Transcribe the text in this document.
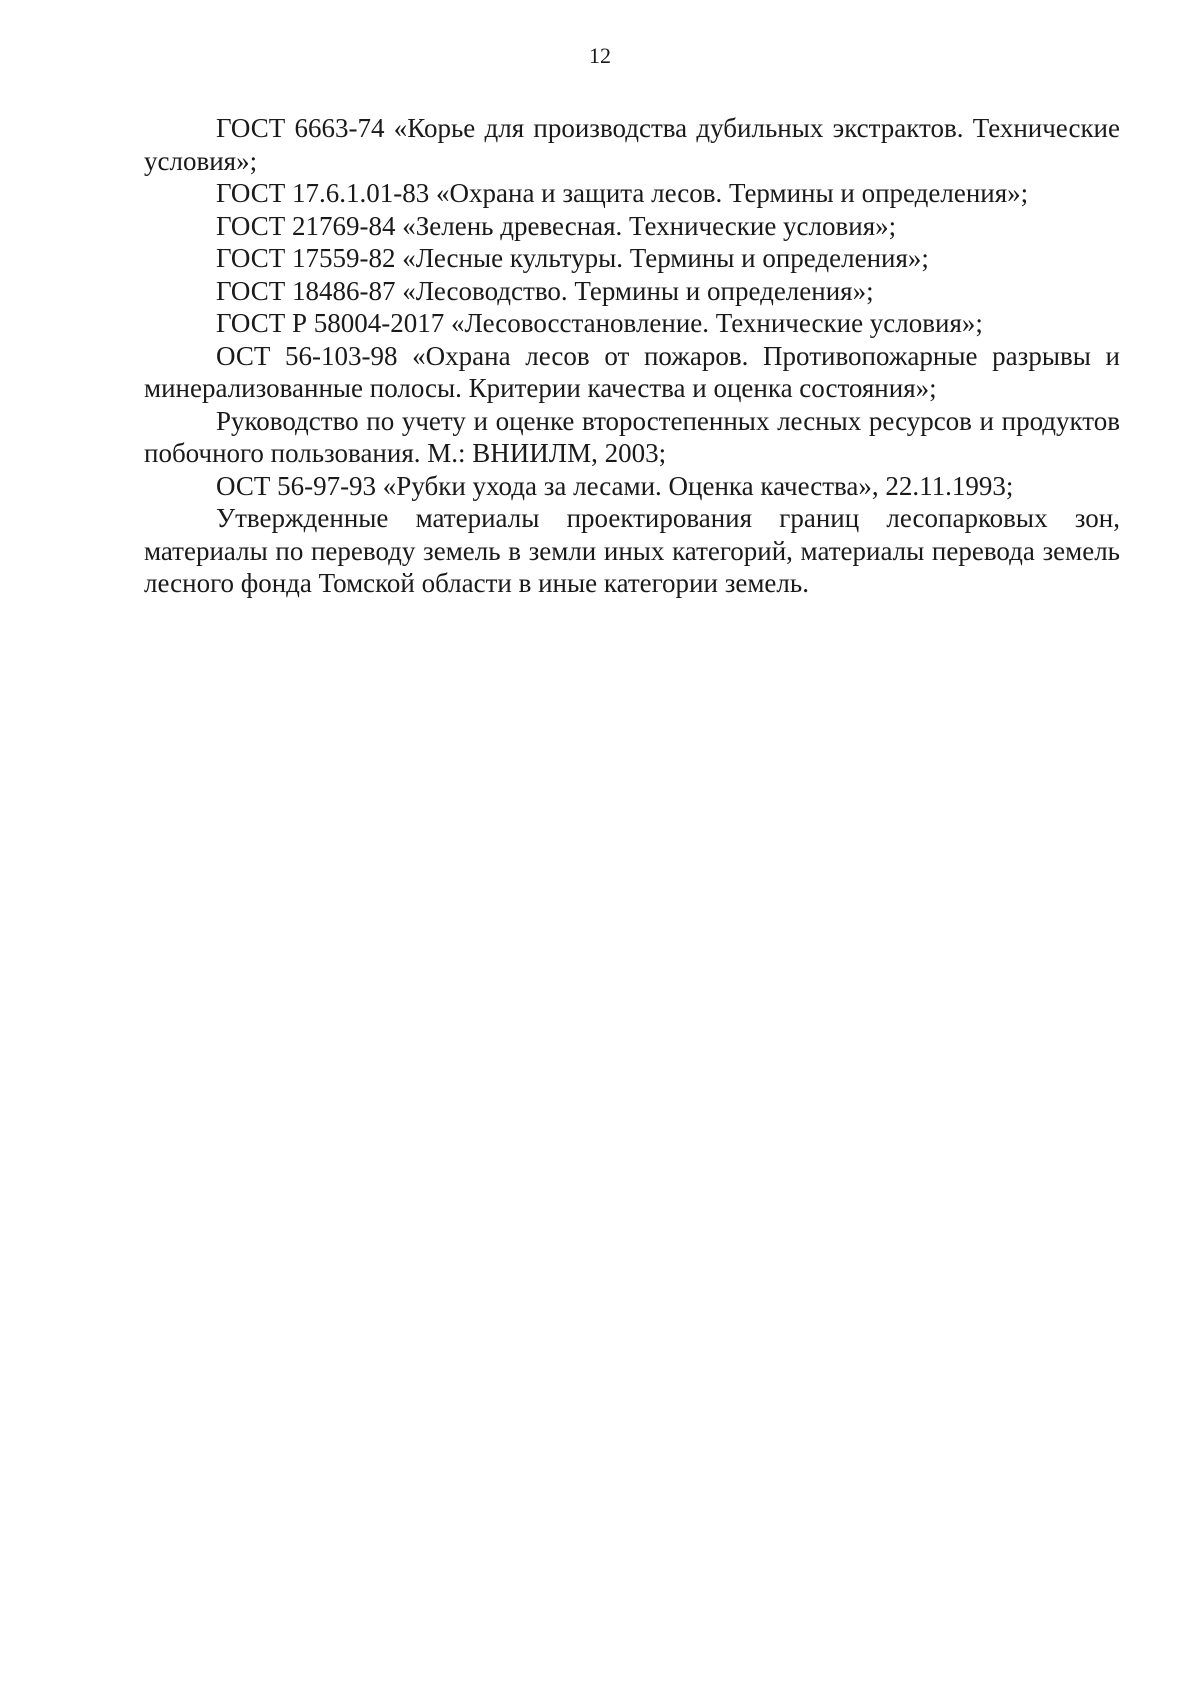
12

ГОСТ 6663-74 «Корье для производства дубильных экстрактов. Технические условия»;

ГОСТ 17.6.1.01-83 «Охрана и защита лесов. Термины и определения»;

ГОСТ 21769-84 «Зелень древесная. Технические условия»;

ГОСТ 17559-82 «Лесные культуры. Термины и определения»;

ГОСТ 18486-87 «Лесоводство. Термины и определения»;

ГОСТ Р 58004-2017 «Лесовосстановление. Технические условия»;

ОСТ 56-103-98 «Охрана лесов от пожаров. Противопожарные разрывы и минерализованные полосы. Критерии качества и оценка состояния»;

Руководство по учету и оценке второстепенных лесных ресурсов и продуктов побочного пользования. М.: ВНИИЛМ, 2003;

ОСТ 56-97-93 «Рубки ухода за лесами. Оценка качества», 22.11.1993;

Утвержденные материалы проектирования границ лесопарковых зон, материалы по переводу земель в земли иных категорий, материалы перевода земель лесного фонда Томской области в иные категории земель.
